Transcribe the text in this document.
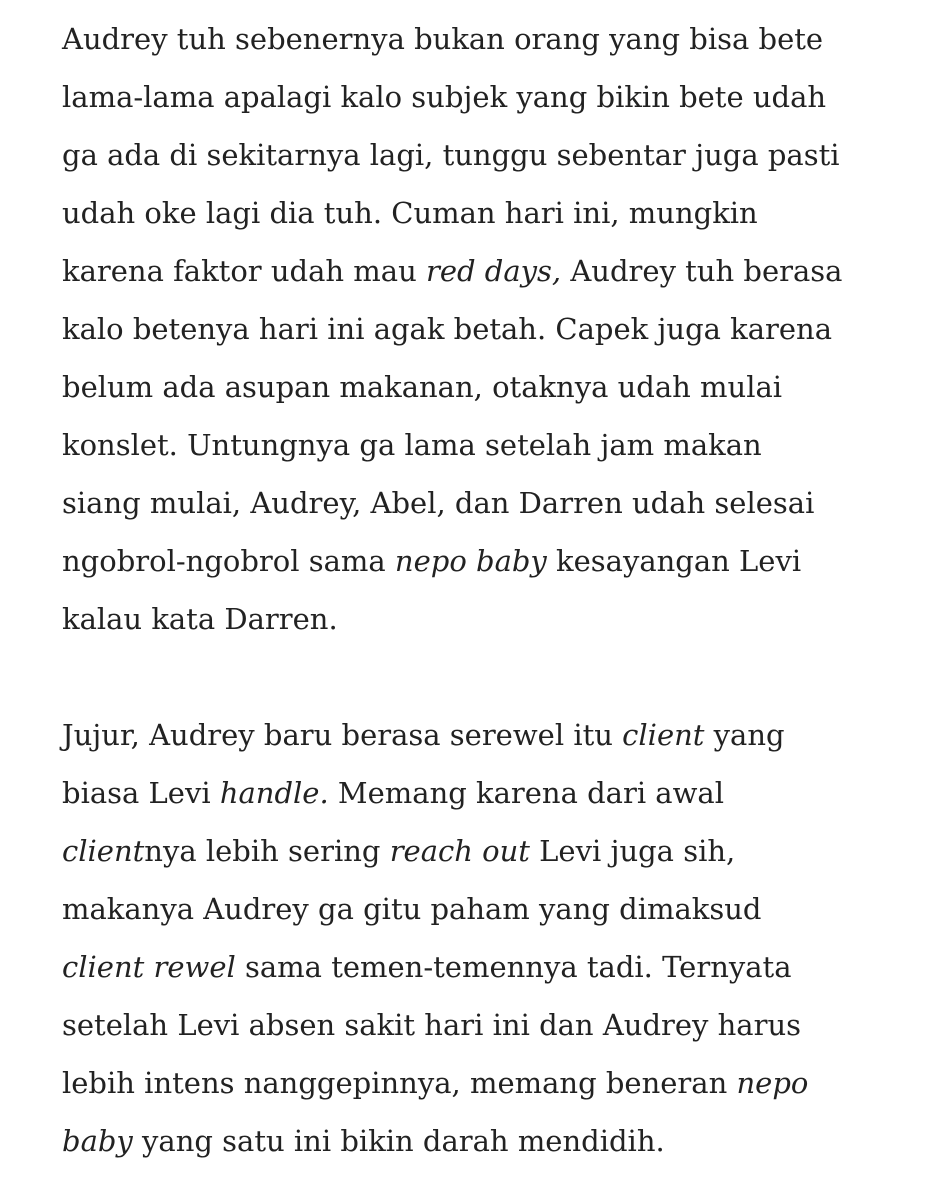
Audrey tuh sebenernya bukan orang yang bisa bete
lama-lama apalagi kalo subjek yang bikin bete udah
ga ada di sekitarnya lagi, tunggu sebentar juga pasti
udah oke lagi dia tuh. Cuman hari ini, mungkin
karena faktor udah mau red days, Audrey tuh berasa
kalo betenya hari ini agak betah. Capek juga karena
belum ada asupan makanan, otaknya udah mulai
konslet. Untungnya ga lama setelah jam makan
siang mulai, Audrey, Abel, dan Darren udah selesai
ngobrol-ngobrol sama nepo baby kesayangan Levi
kalau kata Darren.
Jujur, Audrey baru berasa serewel itu client yang
biasa Levi handle. Memang karena dari awal
clientnya lebih sering reach out Levi juga sih,
makanya Audrey ga gitu paham yang dimaksud
client rewel sama temen-temennya tadi. Ternyata
setelah Levi absen sakit hari ini dan Audrey harus
lebih intens nanggepinnya, memang beneran nepo
baby yang satu ini bikin darah mendidih.
